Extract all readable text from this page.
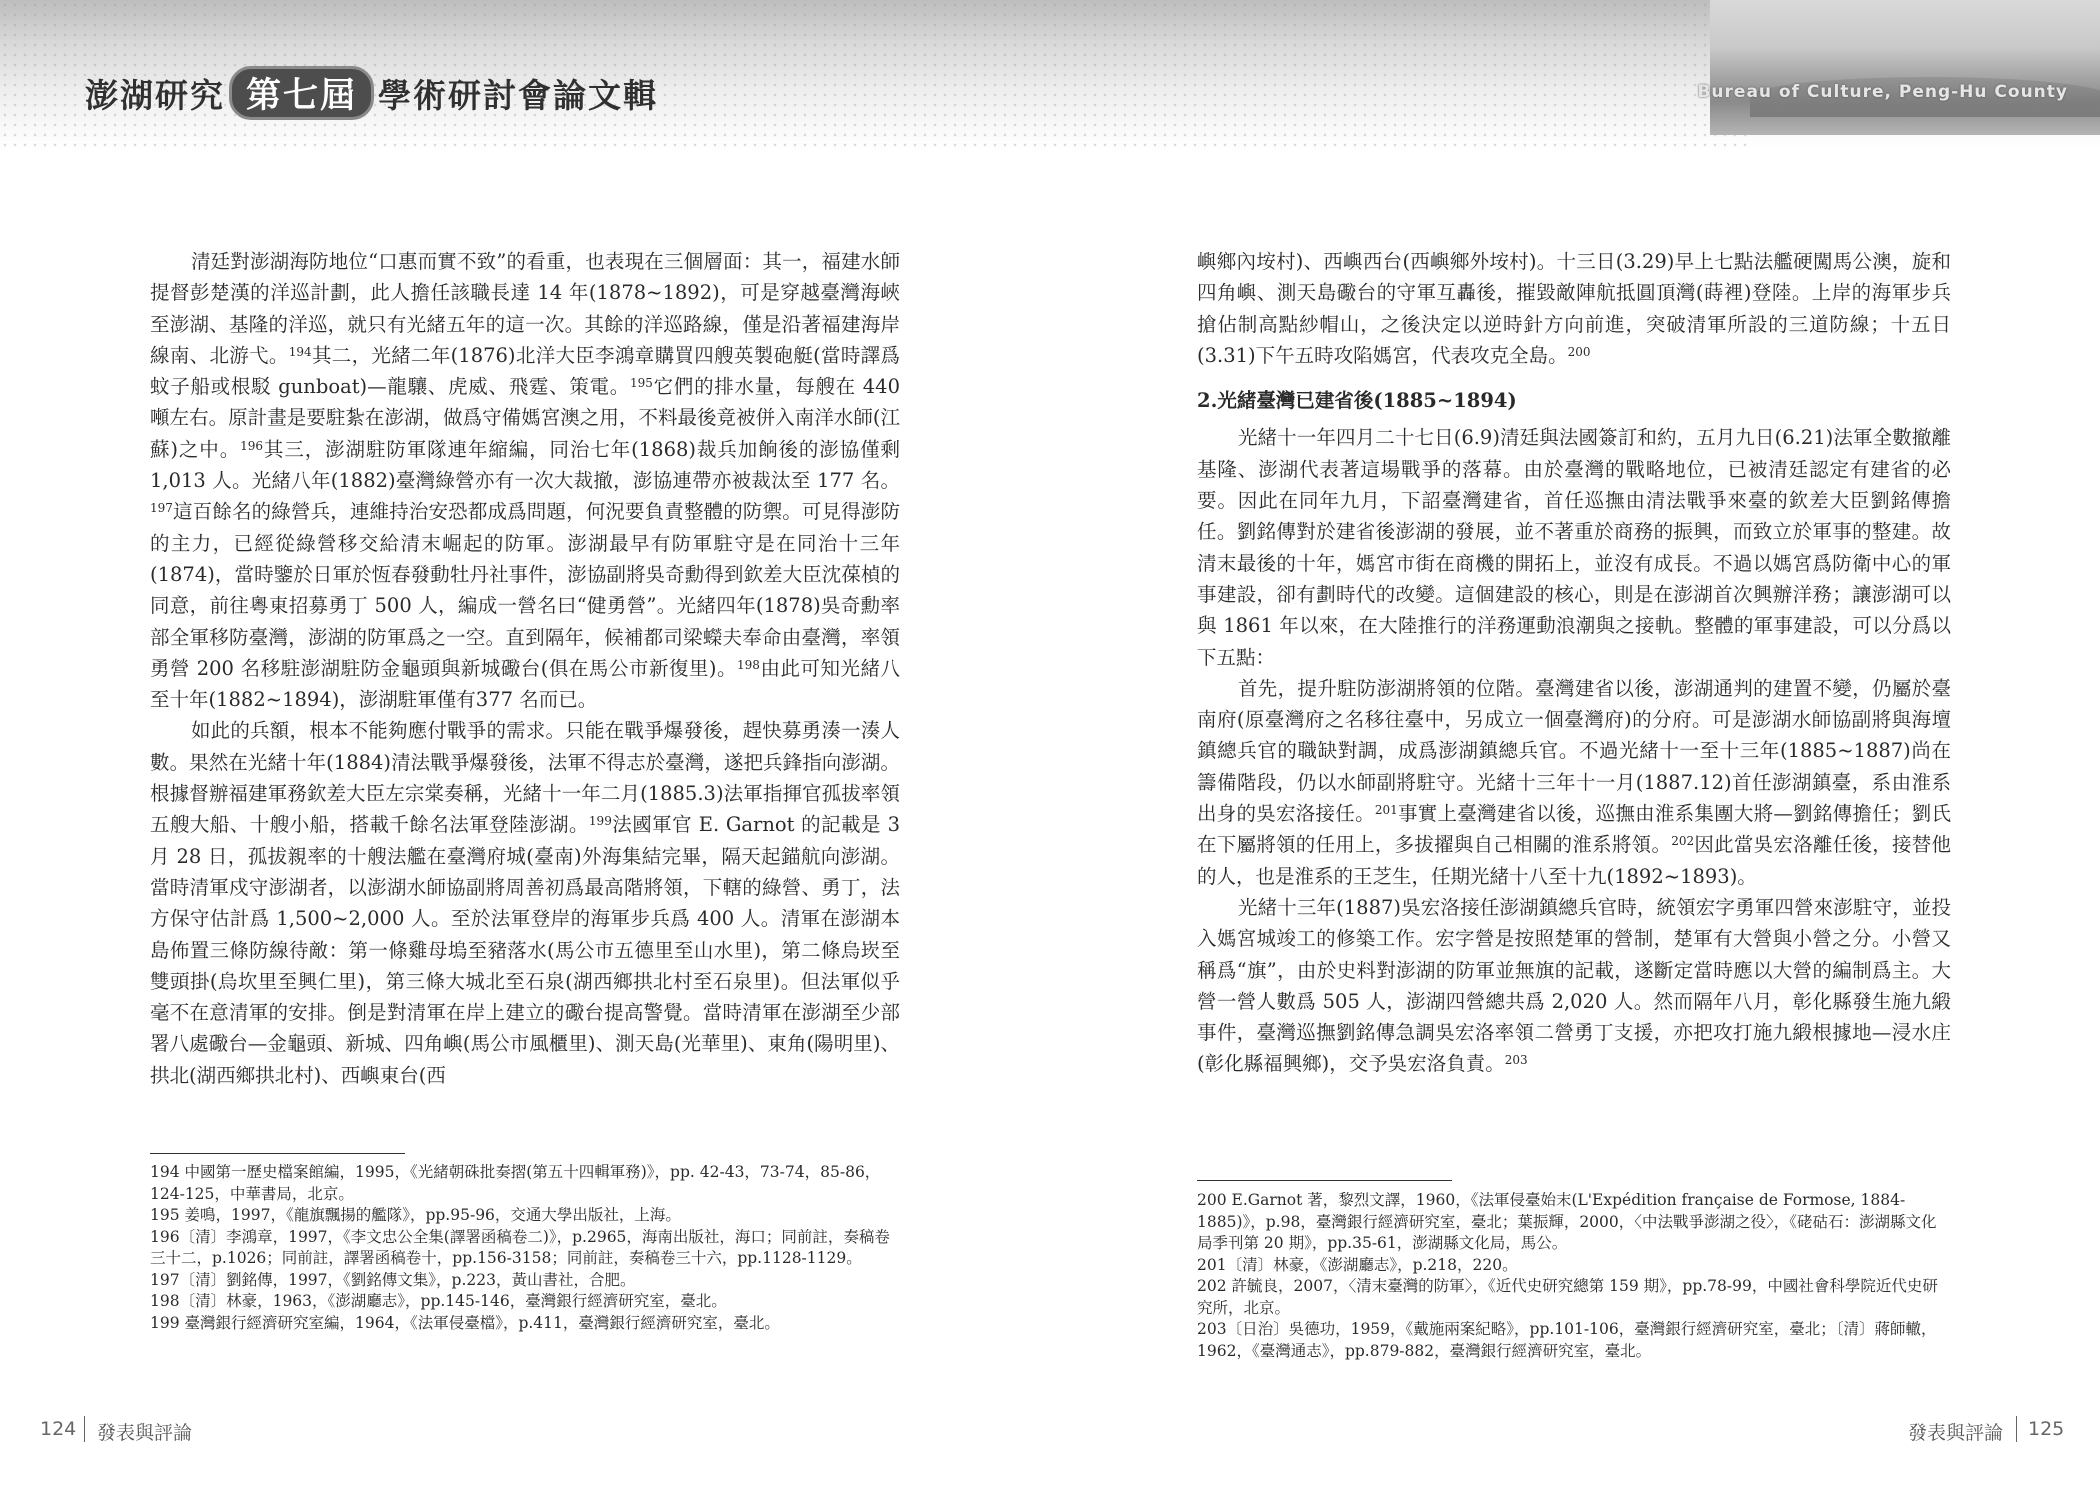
澎湖研究 第七屆 學術研討會論文輯	Bureau of Culture, Peng-Hu County

清廷對澎湖海防地位“口惠而實不致”的看重，也表現在三個層面：其一，福建水師提督彭楚漢的洋巡計劃，此人擔任該職長達 14 年(1878~1892)，可是穿越臺灣海峽至澎湖、基隆的洋巡，就只有光緒五年的這一次。其餘的洋巡路線，僅是沿著福建海岸線南、北游弋。$^{194}$其二，光緒二年(1876)北洋大臣李鴻章購買四艘英製砲艇(當時譯爲蚊子船或根駁 gunboat)—龍驤、虎威、飛霆、策電。$^{195}$它們的排水量，每艘在 440 噸左右。原計畫是要駐紮在澎湖，做爲守備媽宮澳之用，不料最後竟被併入南洋水師(江蘇)之中。$^{196}$其三，澎湖駐防軍隊連年縮編，同治七年(1868)裁兵加餉後的澎協僅剩 1,013 人。光緒八年(1882)臺灣綠營亦有一次大裁撤，澎協連帶亦被裁汰至 177 名。$^{197}$這百餘名的綠營兵，連維持治安恐都成爲問題，何況要負責整體的防禦。可見得澎防的主力，已經從綠營移交給清末崛起的防軍。澎湖最早有防軍駐守是在同治十三年(1874)，當時鑒於日軍於恆春發動牡丹社事件，澎協副將吳奇勳得到欽差大臣沈葆楨的同意，前往粵東招募勇丁 500 人，編成一營名曰“健勇營”。光緒四年(1878)吳奇勳率部全軍移防臺灣，澎湖的防軍爲之一空。直到隔年，候補都司梁蠑夫奉命由臺灣，率領勇營 200 名移駐澎湖駐防金龜頭與新城礮台(俱在馬公市新復里)。$^{198}$由此可知光緒八至十年(1882~1894)，澎湖駐軍僅有377 名而已。

如此的兵額，根本不能夠應付戰爭的需求。只能在戰爭爆發後，趕快募勇湊一湊人數。果然在光緒十年(1884)清法戰爭爆發後，法軍不得志於臺灣，遂把兵鋒指向澎湖。根據督辦福建軍務欽差大臣左宗棠奏稱，光緒十一年二月(1885.3)法軍指揮官孤拔率領五艘大船、十艘小船，搭載千餘名法軍登陸澎湖。$^{199}$法國軍官 E. Garnot 的記載是 3 月 28 日，孤拔親率的十艘法艦在臺灣府城(臺南)外海集結完畢，隔天起錨航向澎湖。當時清軍戍守澎湖者，以澎湖水師協副將周善初爲最高階將領，下轄的綠營、勇丁，法方保守估計爲 1,500~2,000 人。至於法軍登岸的海軍步兵爲 400 人。清軍在澎湖本島佈置三條防線待敵：第一條雞母塢至豬落水(馬公市五德里至山水里)，第二條烏崁至雙頭掛(烏坎里至興仁里)，第三條大城北至石泉(湖西鄉拱北村至石泉里)。但法軍似乎毫不在意清軍的安排。倒是對清軍在岸上建立的礮台提高警覺。當時清軍在澎湖至少部署八處礮台—金龜頭、新城、四角嶼(馬公市風櫃里)、測天島(光華里)、東角(陽明里)、拱北(湖西鄉拱北村)、西嶼東台(西

嶼鄉內垵村)、西嶼西台(西嶼鄉外垵村)。十三日(3.29)早上七點法艦硬闖馬公澳，旋和四角嶼、測天島礮台的守軍互轟後，摧毀敵陣航抵圓頂灣(蒔裡)登陸。上岸的海軍步兵搶佔制高點紗帽山，之後決定以逆時針方向前進，突破清軍所設的三道防線；十五日(3.31)下午五時攻陷媽宮，代表攻克全島。$^{200}$

2.光緒臺灣已建省後(1885~1894)

光緒十一年四月二十七日(6.9)清廷與法國簽訂和約，五月九日(6.21)法軍全數撤離基隆、澎湖代表著這場戰爭的落幕。由於臺灣的戰略地位，已被清廷認定有建省的必要。因此在同年九月，下詔臺灣建省，首任巡撫由清法戰爭來臺的欽差大臣劉銘傳擔任。劉銘傳對於建省後澎湖的發展，並不著重於商務的振興，而致立於軍事的整建。故清末最後的十年，媽宮市街在商機的開拓上，並沒有成長。不過以媽宮爲防衛中心的軍事建設，卻有劃時代的改變。這個建設的核心，則是在澎湖首次興辦洋務；讓澎湖可以與 1861 年以來，在大陸推行的洋務運動浪潮與之接軌。整體的軍事建設，可以分爲以下五點：

首先，提升駐防澎湖將領的位階。臺灣建省以後，澎湖通判的建置不變，仍屬於臺南府(原臺灣府之名移往臺中，另成立一個臺灣府)的分府。可是澎湖水師協副將與海壇鎮總兵官的職缺對調，成爲澎湖鎮總兵官。不過光緒十一至十三年(1885~1887)尚在籌備階段，仍以水師副將駐守。光緒十三年十一月(1887.12)首任澎湖鎮臺，系由淮系出身的吳宏洛接任。$^{201}$事實上臺灣建省以後，巡撫由淮系集團大將—劉銘傳擔任；劉氏在下屬將領的任用上，多拔擢與自己相關的淮系將領。$^{202}$因此當吳宏洛離任後，接替他的人，也是淮系的王芝生，任期光緒十八至十九(1892~1893)。

光緒十三年(1887)吳宏洛接任澎湖鎮總兵官時，統領宏字勇軍四營來澎駐守，並投入媽宮城竣工的修築工作。宏字營是按照楚軍的營制，楚軍有大營與小營之分。小營又稱爲“旗”，由於史料對澎湖的防軍並無旗的記載，遂斷定當時應以大營的編制爲主。大營一營人數爲 505 人，澎湖四營總共爲 2,020 人。然而隔年八月，彰化縣發生施九緞事件，臺灣巡撫劉銘傳急調吳宏洛率領二營勇丁支援，亦把攻打施九緞根據地—浸水庄(彰化縣福興鄉)，交予吳宏洛負責。$^{203}$

194 中國第一歷史檔案館編，1995，《光緒朝硃批奏摺(第五十四輯軍務)》，pp. 42-43，73-74，85-86，124-125，中華書局，北京。

195 姜鳴，1997，《龍旗飄揚的艦隊》，pp.95-96，交通大學出版社，上海。

196〔清〕李鴻章，1997，《李文忠公全集(譯署函稿卷二)》，p.2965，海南出版社，海口；同前註，奏稿卷三十二，p.1026；同前註，譯署函稿卷十，pp.156-3158；同前註，奏稿卷三十六，pp.1128-1129。

197〔清〕劉銘傳，1997，《劉銘傳文集》，p.223，黃山書社，合肥。

198〔清〕林豪，1963，《澎湖廳志》，pp.145-146，臺灣銀行經濟研究室，臺北。

199 臺灣銀行經濟研究室編，1964，《法軍侵臺檔》，p.411，臺灣銀行經濟研究室，臺北。

200 E.Garnot 著，黎烈文譯，1960，《法軍侵臺始末(L'Expédition française de Formose, 1884-1885)》，p.98，臺灣銀行經濟研究室，臺北；葉振輝，2000，〈中法戰爭澎湖之役〉，《硓𥑮石：澎湖縣文化局季刊第 20 期》，pp.35-61，澎湖縣文化局，馬公。

201〔清〕林豪，《澎湖廳志》，p.218，220。

202 許毓良，2007，〈清末臺灣的防軍〉，《近代史研究總第 159 期》，pp.78-99，中國社會科學院近代史研究所，北京。

203〔日治〕吳德功，1959，《戴施兩案紀略》，pp.101-106，臺灣銀行經濟研究室，臺北；〔清〕蔣師轍，1962，《臺灣通志》，pp.879-882，臺灣銀行經濟研究室，臺北。

124 發表與評論	發表與評論 125
